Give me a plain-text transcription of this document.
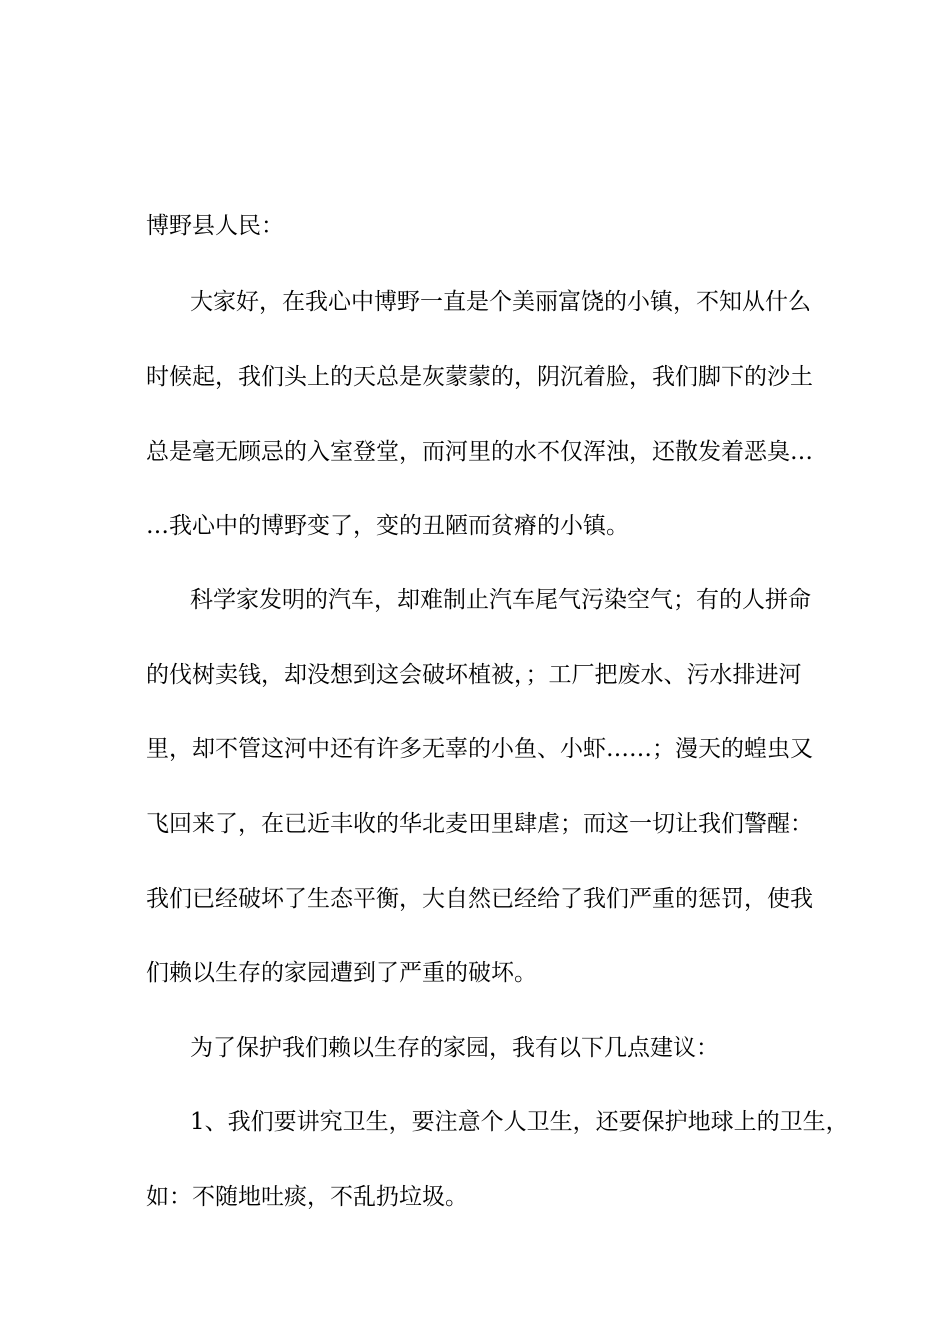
博野县人民：
大家好，在我心中博野一直是个美丽富饶的小镇，不知从什么
时候起，我们头上的天总是灰蒙蒙的，阴沉着脸，我们脚下的沙土
总是毫无顾忌的入室登堂，而河里的水不仅浑浊，还散发着恶臭…
…我心中的博野变了，变的丑陋而贫瘠的小镇。
科学家发明的汽车，却难制止汽车尾气污染空气；有的人拼命
的伐树卖钱，却没想到这会破坏植被，；工厂把废水、污水排进河
里，却不管这河中还有许多无辜的小鱼、小虾……；漫天的蝗虫又
飞回来了，在已近丰收的华北麦田里肆虐；而这一切让我们警醒：
我们已经破坏了生态平衡，大自然已经给了我们严重的惩罚，使我
们赖以生存的家园遭到了严重的破坏。
为了保护我们赖以生存的家园，我有以下几点建议：
1、我们要讲究卫生，要注意个人卫生，还要保护地球上的卫生，
如：不随地吐痰，不乱扔垃圾。
